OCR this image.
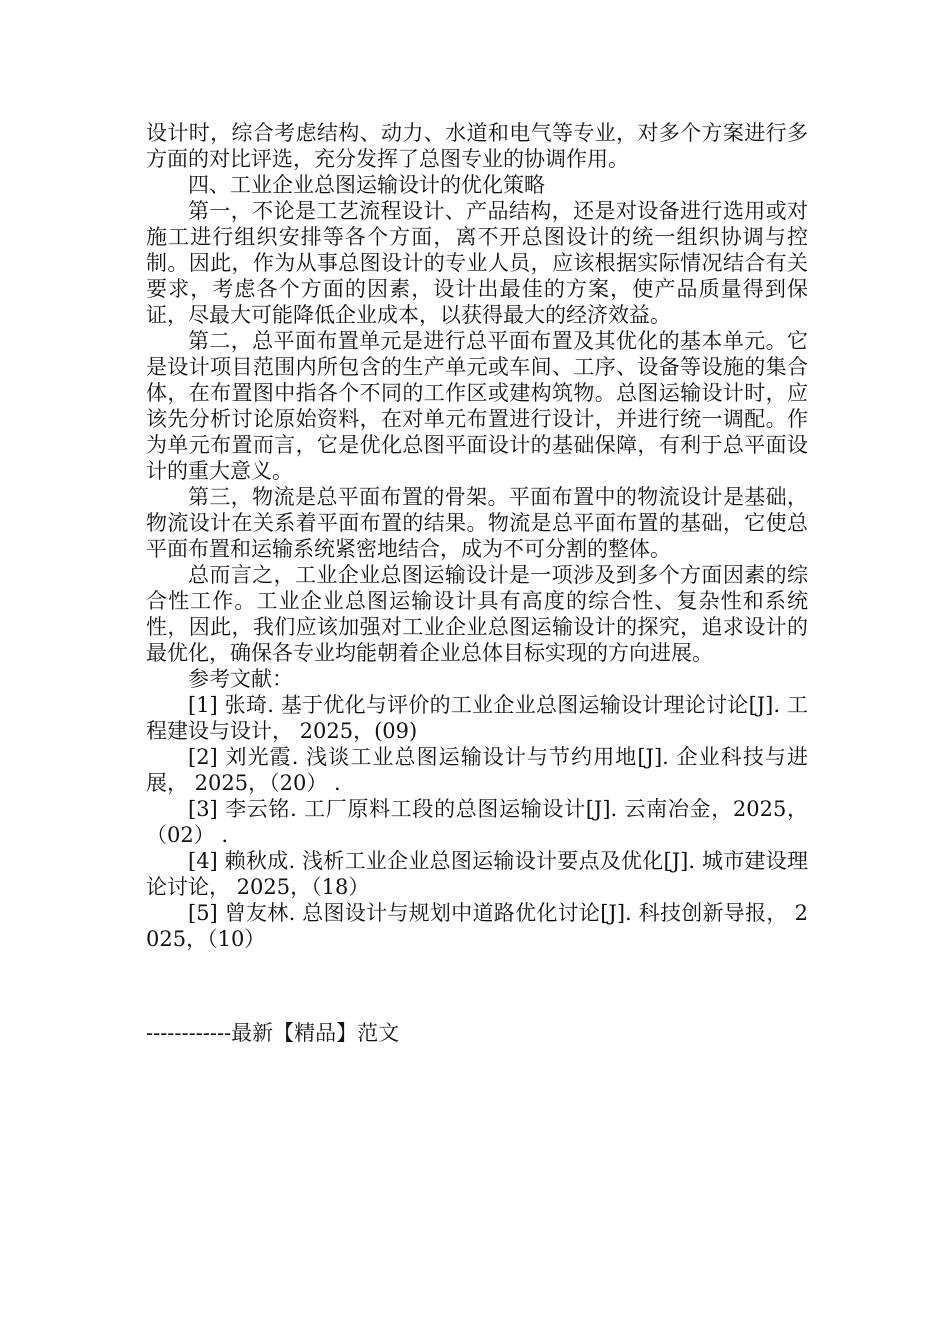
设计时，综合考虑结构、动力、水道和电气等专业，对多个方案进行多方面的对比评选，充分发挥了总图专业的协调作用。

四、工业企业总图运输设计的优化策略

第一，不论是工艺流程设计、产品结构，还是对设备进行选用或对施工进行组织安排等各个方面，离不开总图设计的统一组织协调与控制。因此，作为从事总图设计的专业人员，应该根据实际情况结合有关要求，考虑各个方面的因素，设计出最佳的方案，使产品质量得到保证，尽最大可能降低企业成本，以获得最大的经济效益。

第二，总平面布置单元是进行总平面布置及其优化的基本单元。它是设计项目范围内所包含的生产单元或车间、工序、设备等设施的集合体，在布置图中指各个不同的工作区或建构筑物。总图运输设计时，应该先分析讨论原始资料，在对单元布置进行设计，并进行统一调配。作为单元布置而言，它是优化总图平面设计的基础保障，有利于总平面设计的重大意义。

第三，物流是总平面布置的骨架。平面布置中的物流设计是基础，物流设计在关系着平面布置的结果。物流是总平面布置的基础，它使总平面布置和运输系统紧密地结合，成为不可分割的整体。

总而言之，工业企业总图运输设计是一项涉及到多个方面因素的综合性工作。工业企业总图运输设计具有高度的综合性、复杂性和系统性，因此，我们应该加强对工业企业总图运输设计的探究，追求设计的最优化，确保各专业均能朝着企业总体目标实现的方向进展。

参考文献：

[1] 张琦. 基于优化与评价的工业企业总图运输设计理论讨论[J]. 工程建设与设计， 2025，(09)

[2] 刘光霞. 浅谈工业总图运输设计与节约用地[J]. 企业科技与进展， 2025，（20） .

[3] 李云铭. 工厂原料工段的总图运输设计[J]. 云南冶金，2025，（02） .

[4] 赖秋成. 浅析工业企业总图运输设计要点及优化[J]. 城市建设理论讨论， 2025，（18）

[5] 曾友林. 总图设计与规划中道路优化讨论[J]. 科技创新导报， 2025，（10）

------------最新【精品】范文
